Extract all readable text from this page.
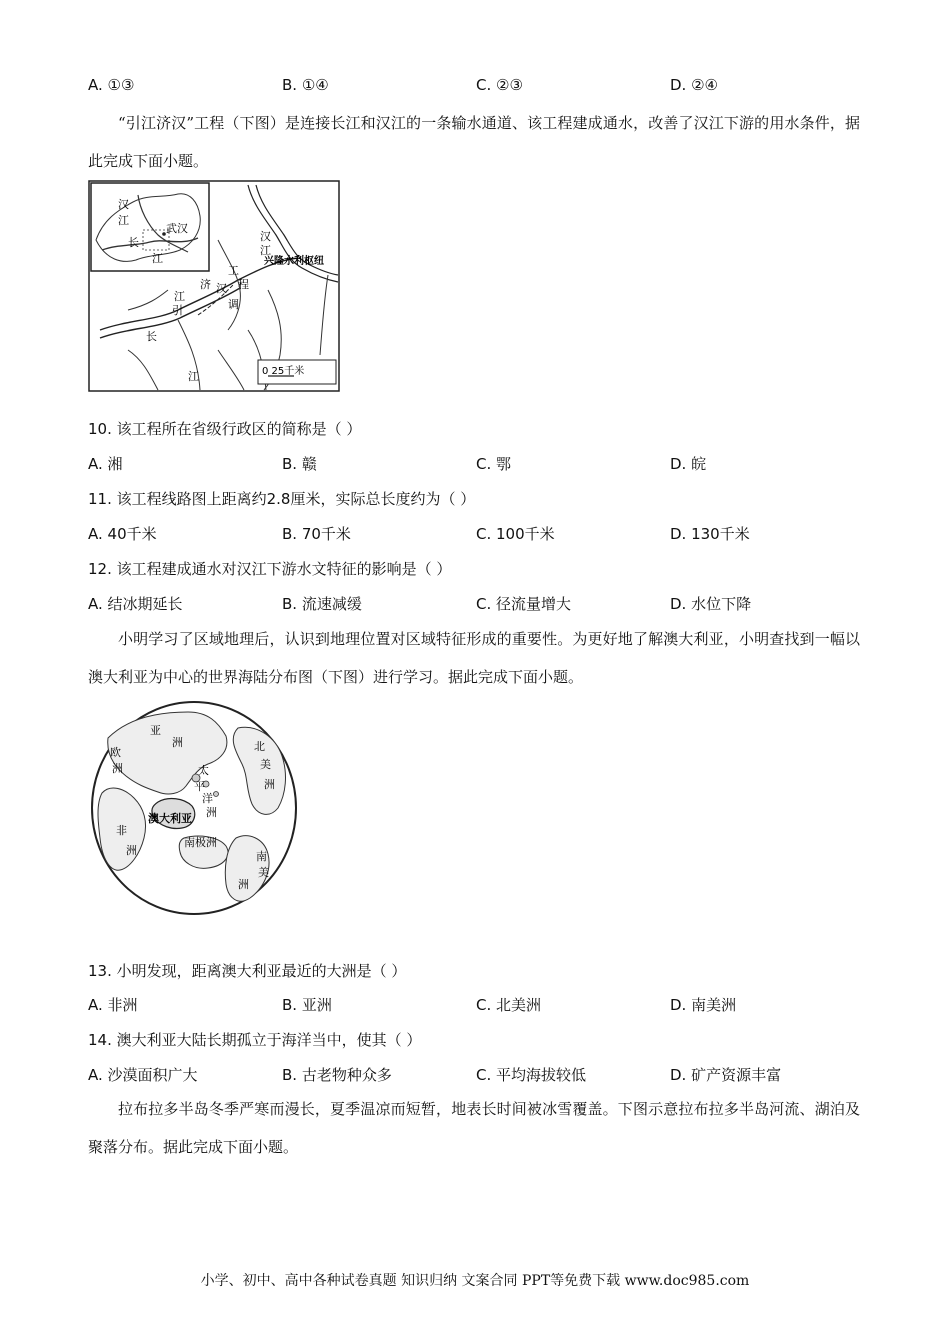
A. ①③	B. ①④	C. ②③	D. ②④
“引江济汉”工程（下图）是连接长江和汉江的一条输水通道、该工程建成通水，改善了汉江下游的用水条件，据此完成下面小题。
汉
江
武汉
长
江
汉
江
兴隆水利枢纽
工
程
济 汉
江
引
长
调
江	0 25千米
10. 该工程所在省级行政区的简称是（ ）
A. 湘	B. 赣	C. 鄂	D. 皖
11. 该工程线路图上距离约2.8厘米，实际总长度约为（ ）
A. 40千米	B. 70千米	C. 100千米	D. 130千米
12. 该工程建成通水对汉江下游水文特征的影响是（ ）
A. 结冰期延长	B. 流速减缓	C. 径流量增大	D. 水位下降
小明学习了区域地理后，认识到地理位置对区域特征形成的重要性。为更好地了解澳大利亚，小明查找到一幅以澳大利亚为中心的世界海陆分布图（下图）进行学习。据此完成下面小题。
欧
洲
亚
洲	北
美
洲
太
平
洋
洲
澳大利亚
非
洲
南极洲
南
美
洲
13. 小明发现，距离澳大利亚最近的大洲是（ ）
A. 非洲	B. 亚洲	C. 北美洲	D. 南美洲
14. 澳大利亚大陆长期孤立于海洋当中，使其（ ）
A. 沙漠面积广大	B. 古老物种众多	C. 平均海拔较低	D. 矿产资源丰富
拉布拉多半岛冬季严寒而漫长，夏季温凉而短暂，地表长时间被冰雪覆盖。下图示意拉布拉多半岛河流、湖泊及聚落分布。据此完成下面小题。
小学、初中、高中各种试卷真题 知识归纳 文案合同 PPT等免费下载 www.doc985.com
